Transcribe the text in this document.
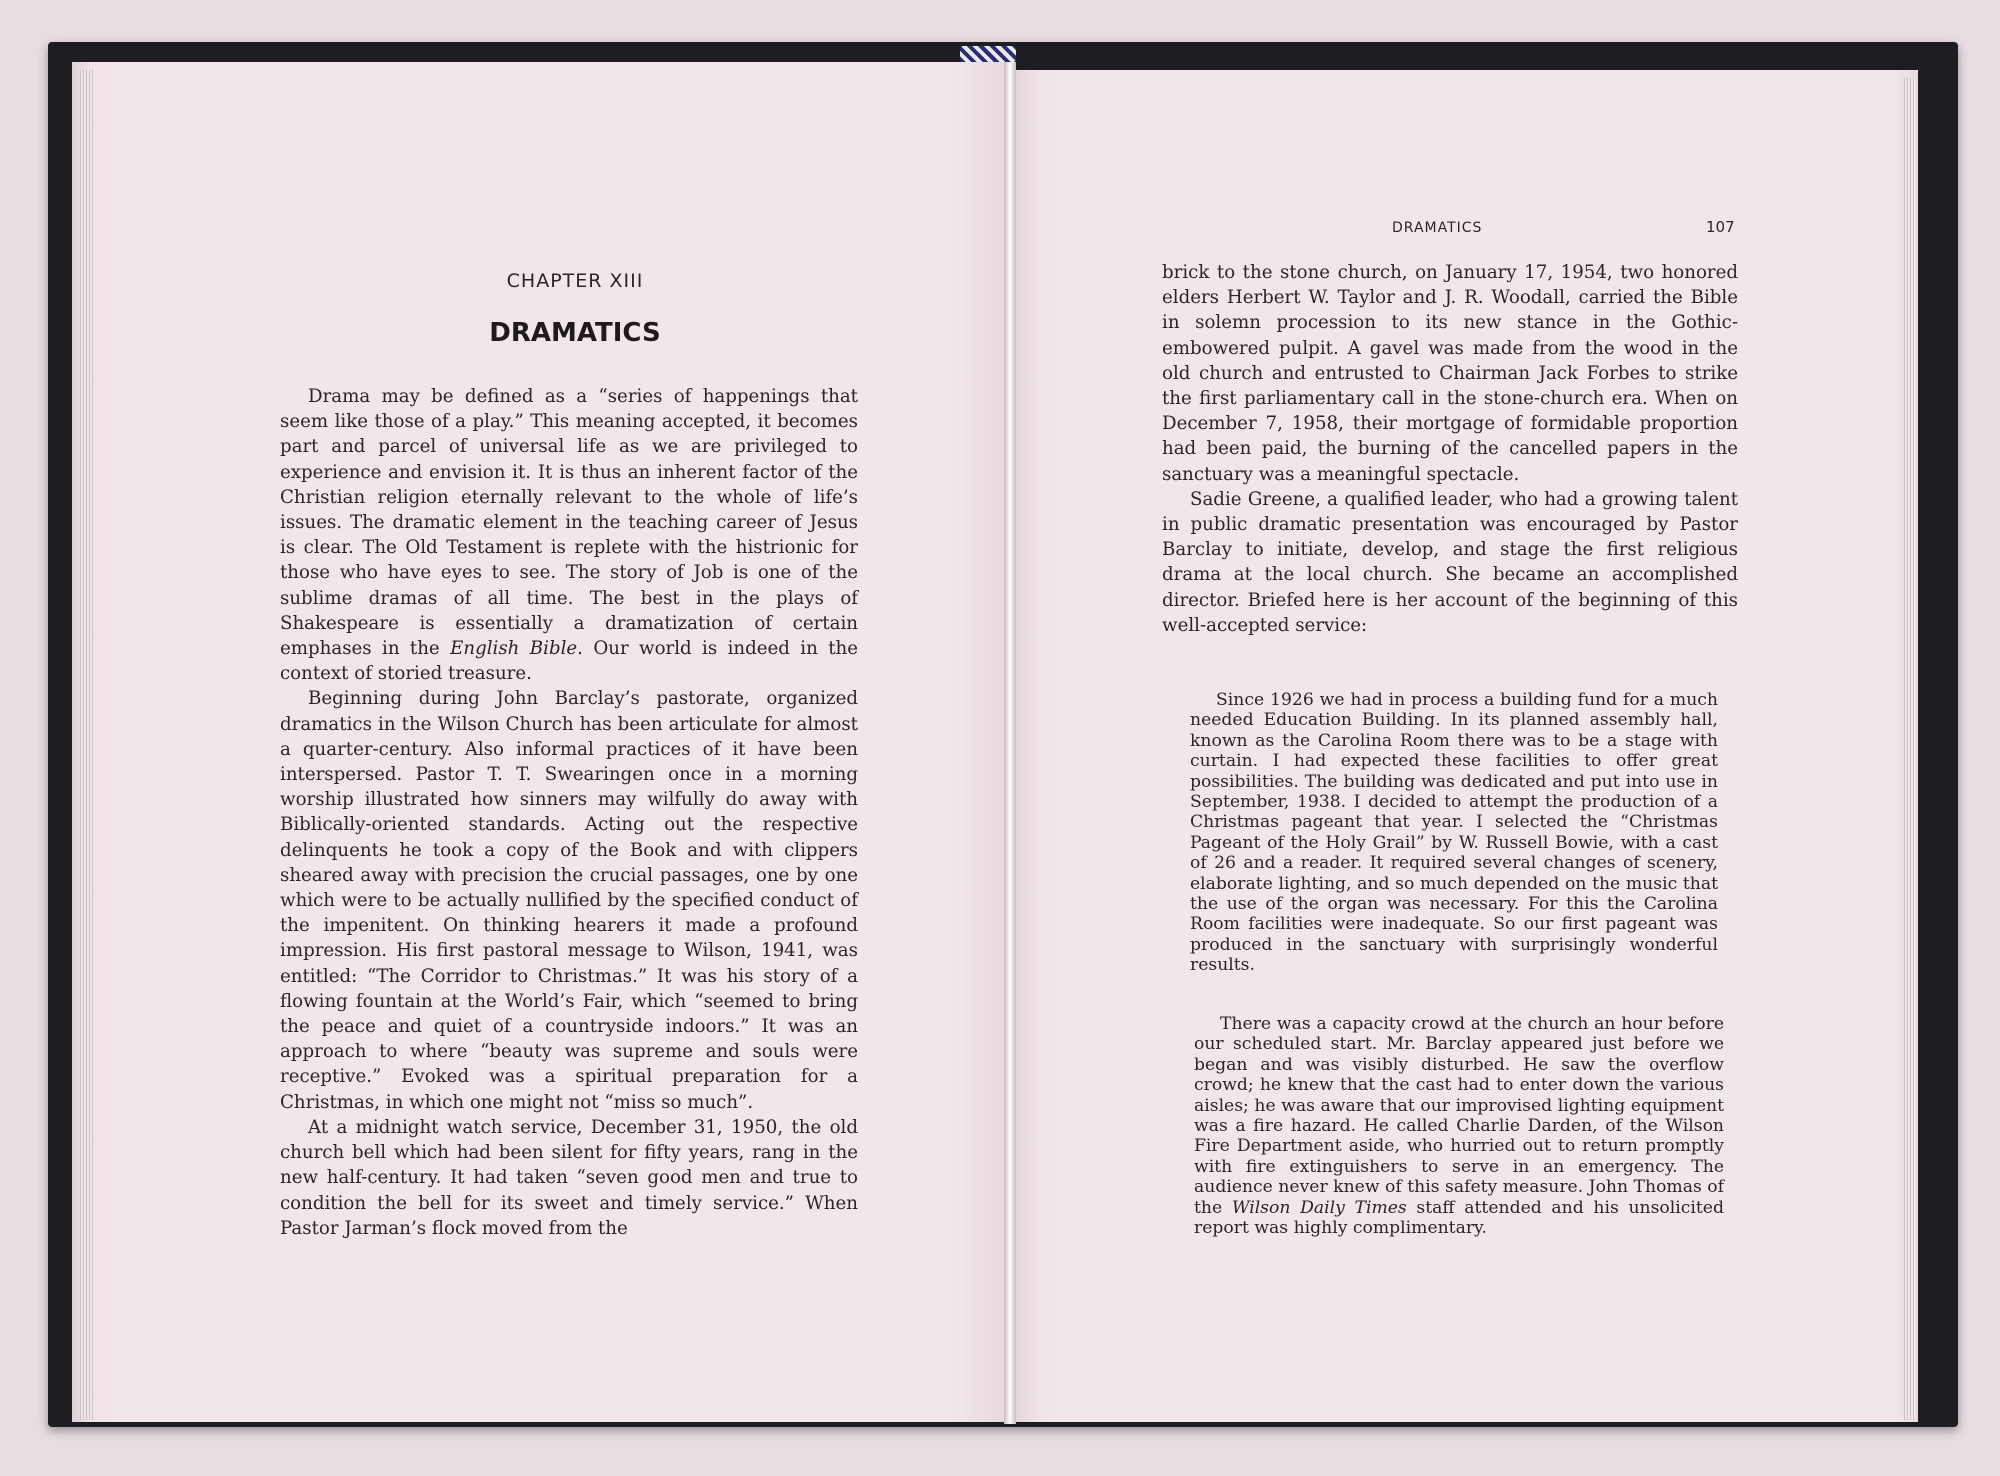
CHAPTER XIII
DRAMATICS

Drama may be defined as a “series of happenings that seem like those of a play.” This meaning accepted, it becomes part and parcel of universal life as we are privileged to experience and envision it. It is thus an inherent factor of the Christian religion eternally relevant to the whole of life’s issues. The dramatic element in the teaching career of Jesus is clear. The Old Testament is replete with the histrionic for those who have eyes to see. The story of Job is one of the sublime dramas of all time. The best in the plays of Shakespeare is essentially a dramatization of certain emphases in the English Bible. Our world is indeed in the context of storied treasure.

Beginning during John Barclay’s pastorate, organized dramatics in the Wilson Church has been articulate for almost a quarter-century. Also informal practices of it have been interspersed. Pastor T. T. Swearingen once in a morning worship illustrated how sinners may wilfully do away with Biblically-oriented standards. Acting out the respective delinquents he took a copy of the Book and with clippers sheared away with precision the crucial passages, one by one which were to be actually nullified by the specified conduct of the impenitent. On thinking hearers it made a profound impression. His first pastoral message to Wilson, 1941, was entitled: “The Corridor to Christmas.” It was his story of a flowing fountain at the World’s Fair, which “seemed to bring the peace and quiet of a countryside indoors.” It was an approach to where “beauty was supreme and souls were receptive.” Evoked was a spiritual preparation for a Christmas, in which one might not “miss so much”.

At a midnight watch service, December 31, 1950, the old church bell which had been silent for fifty years, rang in the new half-century. It had taken “seven good men and true to condition the bell for its sweet and timely service.” When Pastor Jarman’s flock moved from the

DRAMATICS	107

brick to the stone church, on January 17, 1954, two honored elders Herbert W. Taylor and J. R. Woodall, carried the Bible in solemn procession to its new stance in the Gothic-embowered pulpit. A gavel was made from the wood in the old church and entrusted to Chairman Jack Forbes to strike the first parliamentary call in the stone-church era. When on December 7, 1958, their mortgage of formidable proportion had been paid, the burning of the cancelled papers in the sanctuary was a meaningful spectacle.

Sadie Greene, a qualified leader, who had a growing talent in public dramatic presentation was encouraged by Pastor Barclay to initiate, develop, and stage the first religious drama at the local church. She became an accomplished director. Briefed here is her account of the beginning of this well-accepted service:

Since 1926 we had in process a building fund for a much needed Education Building. In its planned assembly hall, known as the Carolina Room there was to be a stage with curtain. I had expected these facilities to offer great possibilities. The building was dedicated and put into use in September, 1938. I decided to attempt the production of a Christmas pageant that year. I selected the “Christmas Pageant of the Holy Grail” by W. Russell Bowie, with a cast of 26 and a reader. It required several changes of scenery, elaborate lighting, and so much depended on the music that the use of the organ was necessary. For this the Carolina Room facilities were inadequate. So our first pageant was produced in the sanctuary with surprisingly wonderful results.

There was a capacity crowd at the church an hour before our scheduled start. Mr. Barclay appeared just before we began and was visibly disturbed. He saw the overflow crowd; he knew that the cast had to enter down the various aisles; he was aware that our improvised lighting equipment was a fire hazard. He called Charlie Darden, of the Wilson Fire Department aside, who hurried out to return promptly with fire extinguishers to serve in an emergency. The audience never knew of this safety measure. John Thomas of the Wilson Daily Times staff attended and his unsolicited report was highly complimentary.
